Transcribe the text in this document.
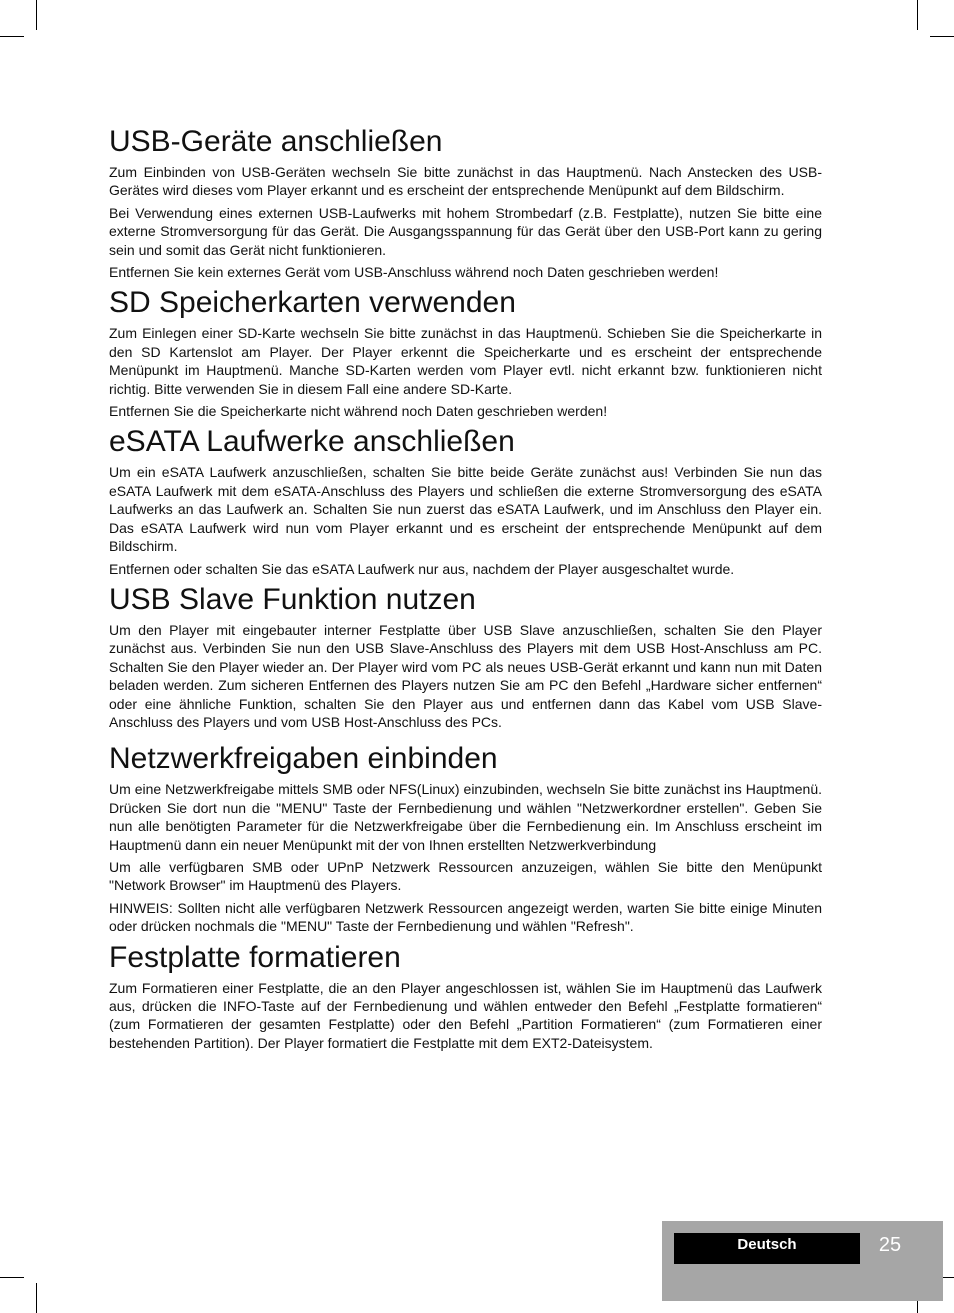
USB-Geräte anschließen

Zum Einbinden von USB-Geräten wechseln Sie bitte zunächst in das Hauptmenü. Nach Anstecken des USB-Gerätes wird dieses vom Player erkannt und es erscheint der entsprechende Menüpunkt auf dem Bildschirm.

Bei Verwendung eines externen USB-Laufwerks mit hohem Strombedarf (z.B. Festplatte), nutzen Sie bitte eine externe Stromversorgung für das Gerät. Die Ausgangsspannung für das Gerät über den USB-Port kann zu gering sein und somit das Gerät nicht funktionieren.

Entfernen Sie kein externes Gerät vom USB-Anschluss während noch Daten geschrieben werden!

SD Speicherkarten verwenden

Zum Einlegen einer SD-Karte wechseln Sie bitte zunächst in das Hauptmenü. Schieben Sie die Speicherkarte in den SD Kartenslot am Player. Der Player erkennt die Speicherkarte und es erscheint der entsprechende Menüpunkt im Hauptmenü. Manche SD-Karten werden vom Player evtl. nicht erkannt bzw. funktionieren nicht richtig. Bitte verwenden Sie in diesem Fall eine andere SD-Karte.

Entfernen Sie die Speicherkarte nicht während noch Daten geschrieben werden!

eSATA Laufwerke anschließen

Um ein eSATA Laufwerk anzuschließen, schalten Sie bitte beide Geräte zunächst aus! Verbinden Sie nun das eSATA Laufwerk mit dem eSATA-Anschluss des Players und schließen die externe Stromversorgung des eSATA Laufwerks an das Laufwerk an. Schalten Sie nun zuerst das eSATA Laufwerk, und im Anschluss den Player ein. Das eSATA Laufwerk wird nun vom Player erkannt und es erscheint der entsprechende Menüpunkt auf dem Bildschirm.

Entfernen oder schalten Sie das eSATA Laufwerk nur aus, nachdem der Player ausgeschaltet wurde.

USB Slave Funktion nutzen

Um den Player mit eingebauter interner Festplatte über USB Slave anzuschließen, schalten Sie den Player zunächst aus. Verbinden Sie nun den USB Slave-Anschluss des Players mit dem USB Host-Anschluss am PC. Schalten Sie den Player wieder an. Der Player wird vom PC als neues USB-Gerät erkannt und kann nun mit Daten beladen werden. Zum sicheren Entfernen des Players nutzen Sie am PC den Befehl „Hardware sicher entfernen“ oder eine ähnliche Funktion, schalten Sie den Player aus und entfernen dann das Kabel vom USB Slave-Anschluss des Players und vom USB Host-Anschluss des PCs.

Netzwerkfreigaben einbinden

Um eine Netzwerkfreigabe mittels SMB oder NFS(Linux) einzubinden, wechseln Sie bitte zunächst ins Hauptmenü. Drücken Sie dort nun die "MENU" Taste der Fernbedienung und wählen "Netzwerkordner erstellen". Geben Sie nun alle benötigten Parameter für die Netzwerkfreigabe über die Fernbedienung ein. Im Anschluss erscheint im Hauptmenü dann ein neuer Menüpunkt mit der von Ihnen erstellten Netzwerkverbindung

Um alle verfügbaren SMB oder UPnP Netzwerk Ressourcen anzuzeigen, wählen Sie bitte den Menüpunkt "Network Browser" im Hauptmenü des Players.

HINWEIS: Sollten nicht alle verfügbaren Netzwerk Ressourcen angezeigt werden, warten Sie bitte einige Minuten oder drücken nochmals die "MENU" Taste der Fernbedienung und wählen "Refresh".

Festplatte formatieren

Zum Formatieren einer Festplatte, die an den Player angeschlossen ist, wählen Sie im Hauptmenü das Laufwerk aus, drücken die INFO-Taste auf der Fernbedienung und wählen entweder den Befehl „Festplatte formatieren“ (zum Formatieren der gesamten Festplatte) oder den Befehl „Partition Formatieren“ (zum Formatieren einer bestehenden Partition). Der Player formatiert die Festplatte mit dem EXT2-Dateisystem.

Deutsch	25
